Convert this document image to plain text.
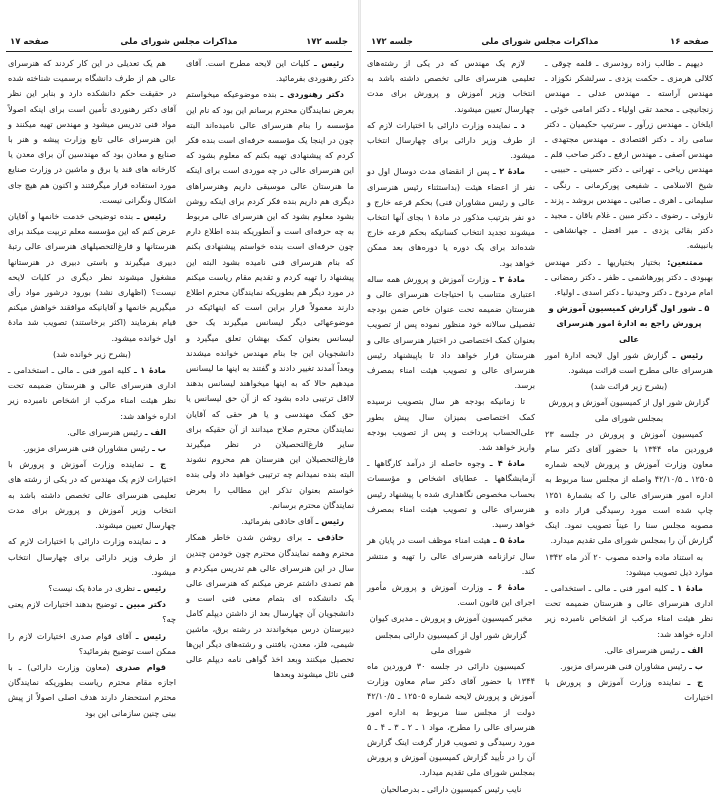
جلسه ۱۷۲
مذاکرات مجلس شورای ملی
صفحه ۱۷

رئیس ـ کلیات این لایحه مطرح است. آقای دکتر رهنوردی بفرمائید.

دکتر رهنوردی ـ بنده موضوعیکه میخواستم بعرض نمایندگان محترم برسانم این بود که نام این مؤسسه را بنام هنرسرای عالی نامیده‌اند البته چون در اینجا یک مؤسسه حرفه‌ای است بنده فکر کردم که پیشنهادی تهیه بکنم که معلوم بشود که این هنرسرای عالی در چه موردی است برای اینکه ما هنرستان عالی موسیقی داریم وهنرسراهای دیگری هم داریم بنده فکر کردم برای اینکه روشن بشود معلوم بشود که این هنرسرای عالی مربوط به چه حرفه‌ای است و آنطوریکه بنده اطلاع دارم چون حرفه‌ای است بنده خواستم پیشنهادی بکنم که بنام هنرسرای فنی نامیده بشود البته این پیشنهاد را تهیه کردم و تقدیم مقام ریاست میکنم در مورد دیگر هم بطوریکه نمایندگان محترم اطلاع دارند معمولاً قرار براین است که اینهائیکه در موضوعهائی دیگر لیسانس میگیرند یک حق لیسانس بعنوان کمک بهشان تعلق میگیرد و دانشجویان این جا بنام مهندس خوانده میشدند وبعداً آمدند تغییر دادند و گفتند به اینها ما لیسانس میدهیم حالا که به اینها میخواهند لیسانس بدهند لااقل ترتیبی داده بشود که از آن حق لیسانس یا حق کمک مهندسی و یا هر حقی که آقایان نمایندگان محترم صلاح میدانند از آن حقیکه برای سایر فارغ‌التحصیلان در نظر میگیرند فارغ‌التحصیلان این هنرستان هم محروم نشوند البته بنده نمیدانم چه ترتیبی خواهید داد ولی بنده خواستم بعنوان تذکر این مطالب را بعرض نمایندگان محترم برسانم.

رئیس ـ آقای حاذقی بفرمائید.

حاذقی ـ برای روشن شدن خاطر همکار محترم وهمه نمایندگان محترم چون خودمن چندین سال در این هنرسرای عالی هم تدریس میکردم و هم تصدی داشتم عرض میکنم که هنرسرای عالی یک دانشکده ای بتمام معنی فنی است و دانشجویان آن چهارسال بعد از داشتن دیپلم کامل دبیرستان درس میخواندند در رشته برق، ماشین شیمی، فلز، معدن، بافتنی و رشته‌های دیگر این‌ها تحصیل میکنند وبعد اخذ گواهی نامه دیپلم عالی فنی نائل میشوند وبعدها

هم یک تعدیلی در این کار کردند که هنرسرای عالی هم از طرف دانشگاه برسمیت شناخته شده در حقیقت حکم دانشکده دارد و بنابر این نظر آقای دکتر رهنوردی تأمین است برای اینکه اصولاً مواد فنی تدریس میشود و مهندس تهیه میکنند و این هنرسرای عالی تابع وزارت پیشه و هنر با صنایع و معادن بود که مهندسین آن برای معدن یا کارخانه های قند یا برق و ماشین در وزارت صنایع مورد استفاده قرار میگرفتند و اکنون هم هیچ جای اشکال ونگرانی نیست.

رئیس ـ بنده توضیحی خدمت خانمها و آقایان عرض کنم که این مؤسسه معلم تربیت میکند برای هنرستانها و فارغ‌التحصیلهای هنرسرای عالی رتبهٔ دبیری میگیرند و باستی دبیری در هنرستانها مشغول میشوند نظر دیگری در کلیات لایحه نیست؟ (اظهاری نشد) بورود درشور مواد رأی میگیریم خانمها و آقایانیکه موافقند خواهش میکنم قیام بفرمایند (اکثر برخاستند) تصویب شد مادهٔ اول خوانده میشود.

(بشرح زیر خوانده شد)

مادهٔ ۱ ـ کلیه امور فنی ـ مالی ـ استخدامی ـ اداری هنرسرای عالی و هنرستان ضمیمه تحت نظر هیئت امناء مرکب از اشخاص نامبرده زیر اداره خواهد شد:

الف ـ رئیس هنرسرای عالی.

ب ـ رئیس مشاوران فنی هنرسرای مزبور.

ج ـ نماینده وزارت آموزش و پرورش با اختیارات لازم یک مهندس که در یکی از رشته های تعلیمی هنرسرای عالی تخصص داشته باشد به انتخاب وزیر آموزش و پرورش برای مدت چهارسال تعیین میشوند.

د ـ نماینده وزارت دارائی با اختیارات لازم که از طرف وزیر دارائی برای چهارسال انتخاب میشود.

رئیس ـ نظری در مادهٔ یک نیست؟

دکتر مبین ـ توضیح بدهند اختیارات لازم یعنی چه؟

رئیس ـ آقای قوام صدری اختیارات لازم را ممکن است توضیح بفرمائید؟

قوام صدری (معاون وزارت دارائی) ـ با اجازه مقام محترم ریاست بطوریکه نمایندگان محترم استحضار دارند هدف اصلی اصولاً از پیش بینی چنین سازمانی این بود

صفحه ۱۶
مذاکرات مجلس شورای ملی
جلسه ۱۷۲

دیهیم ـ طالب زاده رودسری ـ قلمه چوقی ـ کلالی هرمزی ـ حکمت یزدی ـ سرلشکر نکوزاد ـ مهندس آراسته ـ مهندس عدلی ـ مهندس زنجانیچی ـ محمد تقی اولیاء ـ دکتر امامی خوئی ـ ایلخان ـ مهندس زرآور ـ سرتیپ حکیمیان ـ دکتر سامی راد ـ دکتر اقتصادی ـ مهندس مجتهدی ـ مهندس آصفی ـ مهندس ارفع ـ دکتر صاحب قلم ـ مهندس ریاحی ـ تهرانی ـ دکتر حسینی ـ حبیبی ـ شیخ الاسلامی ـ شفیعی پورکرمانی ـ رنگی ـ سلیمانی ـ اهری ـ صائبی ـ مهندس بروشد ـ پزند ـ نازوئی ـ رضوی ـ دکتر مبین ـ غلام باقان ـ مجید ـ دکتر بقائی یزدی ـ میر افضل ـ جهانشاهی ـ بانبیشه.

ممتنعین: بختیار بختیاریها ـ دکتر مهندس بهبودی ـ دکتر پورهاشمی ـ ظفر ـ دکتر رمضانی ـ امام مردوخ ـ دکتر وحیدنیا ـ دکتر اسدی ـ اولیاء.

۵ ـ شور اول گزارش کمیسیون آموزش و پرورش راجع به ادارهٔ امور هنرسرای عالی

رئیس ـ گزارش شور اول لایحه ادارهٔ امور هنرسرای عالی مطرح است قرائت میشود.

(بشرح زیر قرائت شد)

گزارش شور اول از کمیسیون آموزش و پرورش بمجلس شورای ملی

کمیسیون آموزش و پرورش در جلسه ۲۳ فروردین ماه ۱۳۴۴ با حضور آقای دکتر سام معاون وزارت آموزش و پرورش لایحه شماره ۱۲۵۰۵ ـ ۴۲/۱۰/۵ واصله از مجلس سنا مربوط به اداره امور هنرسرای عالی را که بشمارهٔ ۱۲۵۱ چاپ شده است مورد رسیدگی قرار داده و مصوبه مجلس سنا را عیناً تصویب نمود. اینک گزارش آن را بمجلس شورای ملی تقدیم میدارد.

به استناد ماده واحده مصوب ۲۰ آذر ماه ۱۳۴۲ موارد ذیل تصویب میشود:

مادهٔ ۱ ـ کلیه امور فنی ـ مالی ـ استخدامی ـ اداری هنرسرای عالی و هنرستان ضمیمه تحت نظر هیئت امناء مرکب از اشخاص نامبرده زیر اداره خواهد شد:

الف ـ رئیس هنرسرای عالی.

ب ـ رئیس مشاوران فنی هنرسرای مزبور.

ج ـ نماینده وزارت آموزش و پرورش با اختیارات

لازم یک مهندس که در یکی از رشته‌های تعلیمی هنرسرای عالی تخصص داشته باشد به انتخاب وزیر آموزش و پرورش برای مدت چهارسال تعیین میشوند.

د ـ نماینده وزارت دارائی با اختیارات لازم که از طرف وزیر دارائی برای چهارسال انتخاب میشود.

مادهٔ ۲ ـ پس از انقضای مدت دوسال اول دو نفر از اعضاء هیئت (بداستثناء رئیس هنرسرای عالی و رئیس مشاوران فنی) بحکم قرعه خارج و دو نفر بترتیب مذکور در مادهٔ ۱ بجای آنها انتخاب میشوند تجدید انتخاب کسانیکه بحکم قرعه خارج شده‌اند برای یک دوره یا دوره‌های بعد ممکن خواهد بود.

مادهٔ ۳ ـ وزارت آموزش و پرورش همه ساله اعتباری متناسب با احتیاجات هنرسرای عالی و هنرستان ضمیمه تحت عنوان خاص ضمن بودجه تفصیلی سالانه خود منظور نموده پس از تصویب بعنوان کمک اختصاصی در اختیار هنرسرای عالی و هنرستان قرار خواهد داد تا باپیشنهاد رئیس هنرسرای عالی و تصویب هیئت امناء بمصرف برسد.

تا زمانیکه بودجه هر سال بتصویب نرسیده کمک اختصاصی بمیزان سال پیش بطور علی‌الحساب پرداخت و پس از تصویب بودجه واریز خواهد شد.

مادهٔ ۴ ـ وجوه حاصله از درآمد کارگاهها ـ آزمایشگاهها ـ عطایای اشخاص و مؤسسات بحساب مخصوص نگاهداری شده با پیشنهاد رئیس هنرسرای عالی و تصویب هیئت امناء بمصرف خواهد رسید.

مادهٔ ۵ ـ هیئت امناء موظف است در پایان هر سال ترازنامه هنرسرای عالی را تهیه و منتشر کند.

مادهٔ ۶ ـ وزارت آموزش و پرورش مأمور اجرای این قانون است.

مخبر کمیسیون آموزش و پرورش ـ مدیری کیوان

گزارش شور اول از کمیسیون دارائی بمجلس شورای ملی

کمیسیون دارائی در جلسه ۳۰ فروردین ماه ۱۳۴۴ با حضور آقای دکتر سام معاون وزارت آموزش و پرورش لایحه شماره ۱۲۵۰۵ ـ ۴۲/۱۰/۵ دولت از مجلس سنا مربوط به اداره امور هنرسرای عالی را مطرح، مواد ۱ ـ ۲ ـ ۳ ـ ۴ ـ ۵ مورد رسیدگی و تصویب قرار گرفت اینک گزارش آن را در تأیید گزارش کمیسیون آموزش و پرورش بمجلس شورای ملی تقدیم میدارد.

نایب رئیس کمیسیون دارائی ـ بدرصالحیان
